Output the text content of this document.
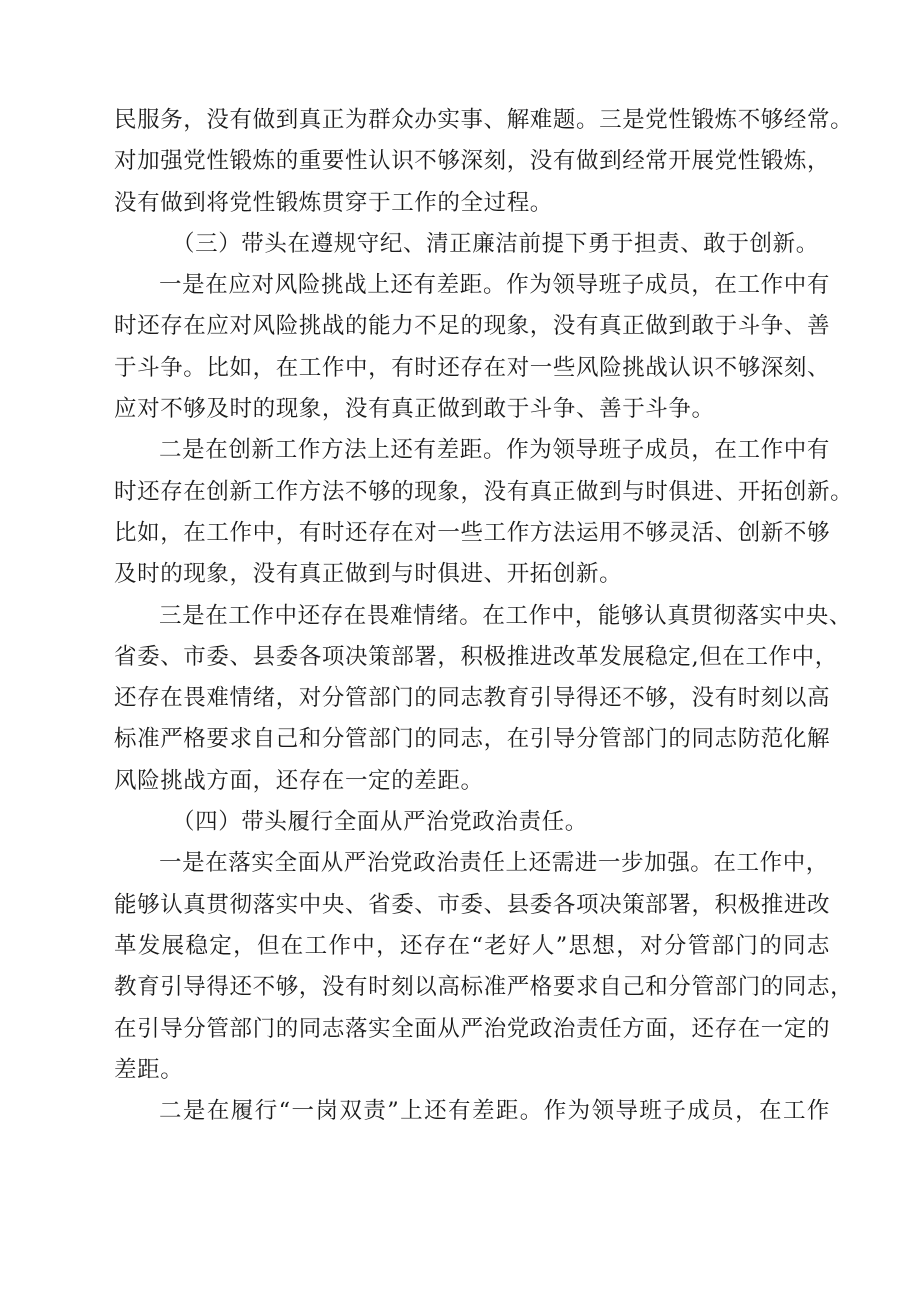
民服务，没有做到真正为群众办实事、解难题。三是党性锻炼不够经常。
对加强党性锻炼的重要性认识不够深刻，没有做到经常开展党性锻炼，
没有做到将党性锻炼贯穿于工作的全过程。
（三）带头在遵规守纪、清正廉洁前提下勇于担责、敢于创新。
一是在应对风险挑战上还有差距。作为领导班子成员，在工作中有
时还存在应对风险挑战的能力不足的现象，没有真正做到敢于斗争、善
于斗争。比如，在工作中，有时还存在对一些风险挑战认识不够深刻、
应对不够及时的现象，没有真正做到敢于斗争、善于斗争。
二是在创新工作方法上还有差距。作为领导班子成员，在工作中有
时还存在创新工作方法不够的现象，没有真正做到与时俱进、开拓创新。
比如，在工作中，有时还存在对一些工作方法运用不够灵活、创新不够
及时的现象，没有真正做到与时俱进、开拓创新。
三是在工作中还存在畏难情绪。在工作中，能够认真贯彻落实中央、
省委、市委、县委各项决策部署，积极推进改革发展稳定,但在工作中，
还存在畏难情绪，对分管部门的同志教育引导得还不够，没有时刻以高
标准严格要求自己和分管部门的同志，在引导分管部门的同志防范化解
风险挑战方面，还存在一定的差距。
（四）带头履行全面从严治党政治责任。
一是在落实全面从严治党政治责任上还需进一步加强。在工作中，
能够认真贯彻落实中央、省委、市委、县委各项决策部署，积极推进改
革发展稳定，但在工作中，还存在“老好人”思想，对分管部门的同志
教育引导得还不够，没有时刻以高标准严格要求自己和分管部门的同志，
在引导分管部门的同志落实全面从严治党政治责任方面，还存在一定的
差距。
二是在履行“一岗双责”上还有差距。作为领导班子成员，在工作
